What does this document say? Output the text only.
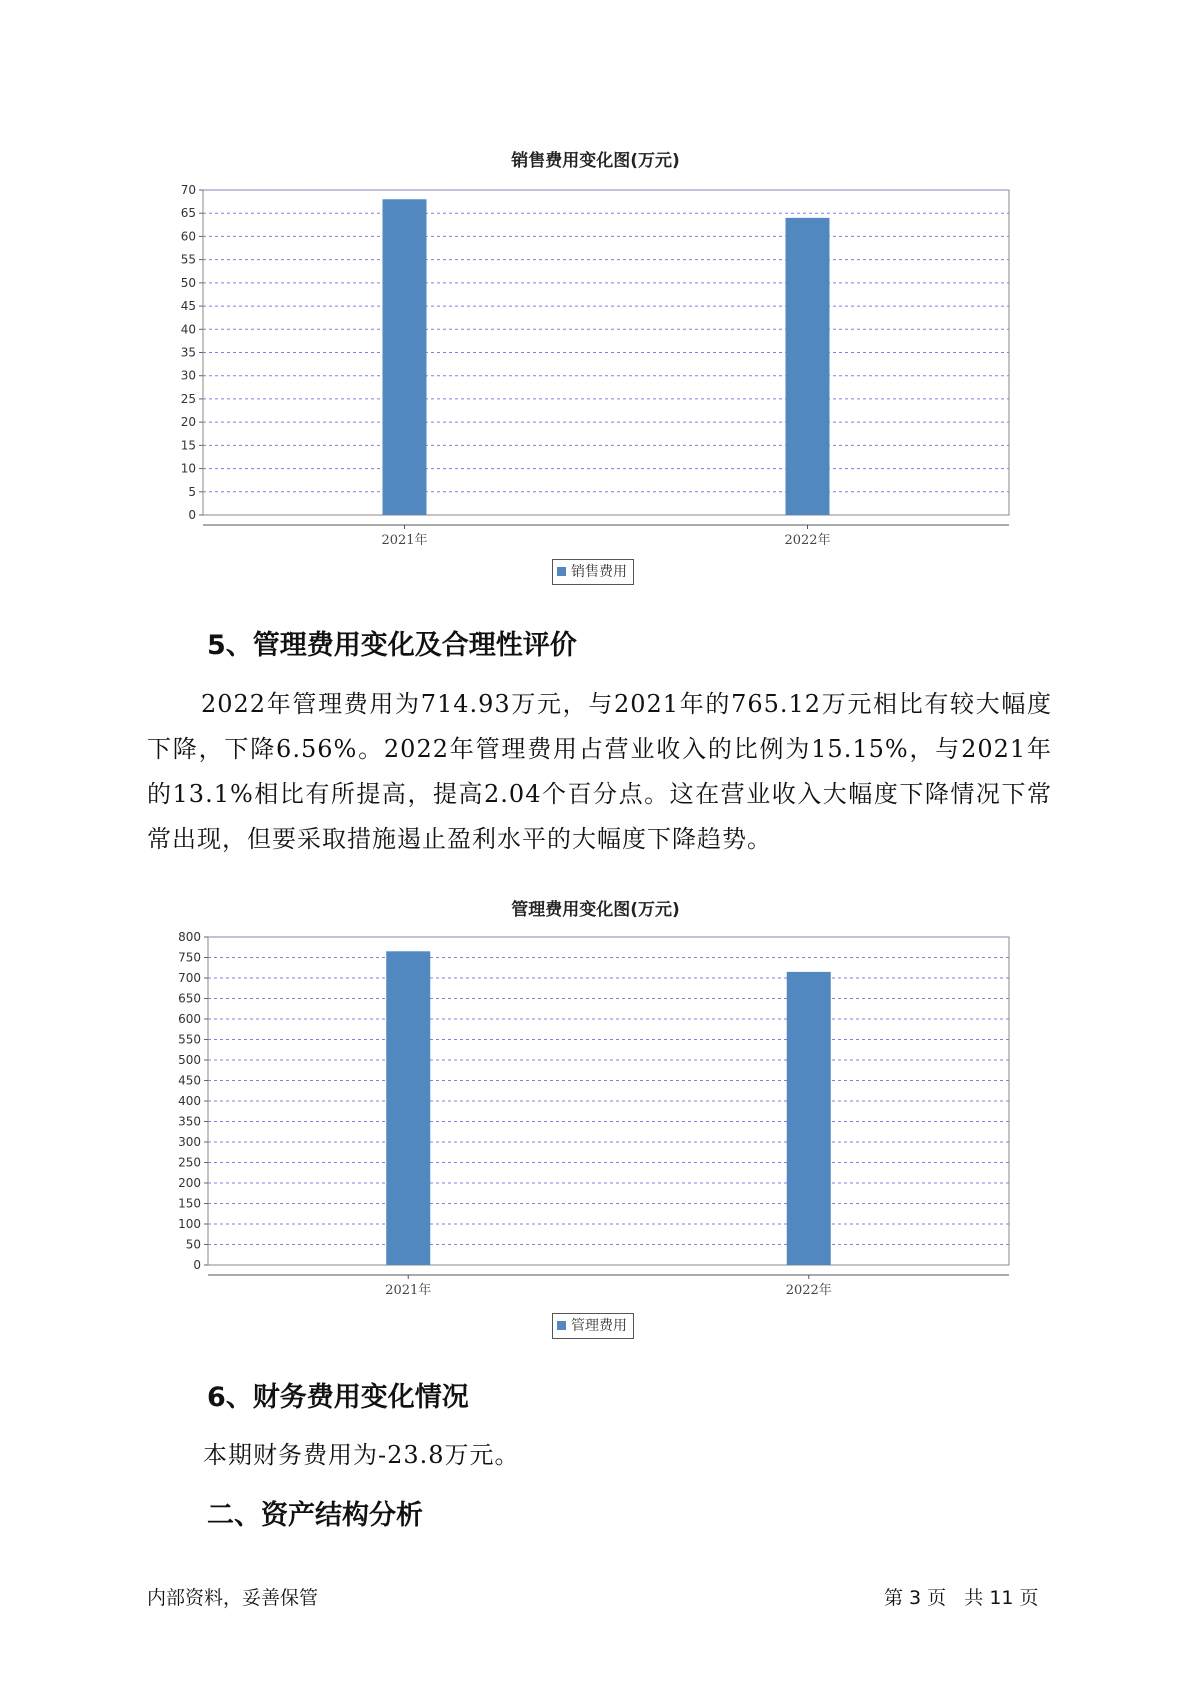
销售费用变化图(万元)
0
5
10
15
20
25
30
35
40
45
50
55
60
65
70
2021年	2022年
销售费用
5、管理费用变化及合理性评价
2022年管理费用为714.93万元，与2021年的765.12万元相比有较大幅度下降，下降6.56%。2022年管理费用占营业收入的比例为15.15%，与2021年的13.1%相比有所提高，提高2.04个百分点。这在营业收入大幅度下降情况下常常出现，但要采取措施遏止盈利水平的大幅度下降趋势。
管理费用变化图(万元)
0
50
100
150
200
250
300
350
400
450
500
550
600
650
700
750
800
2021年	2022年
管理费用
6、财务费用变化情况
本期财务费用为-23.8万元。
二、资产结构分析
内部资料，妥善保管	第 3 页   共 11 页
